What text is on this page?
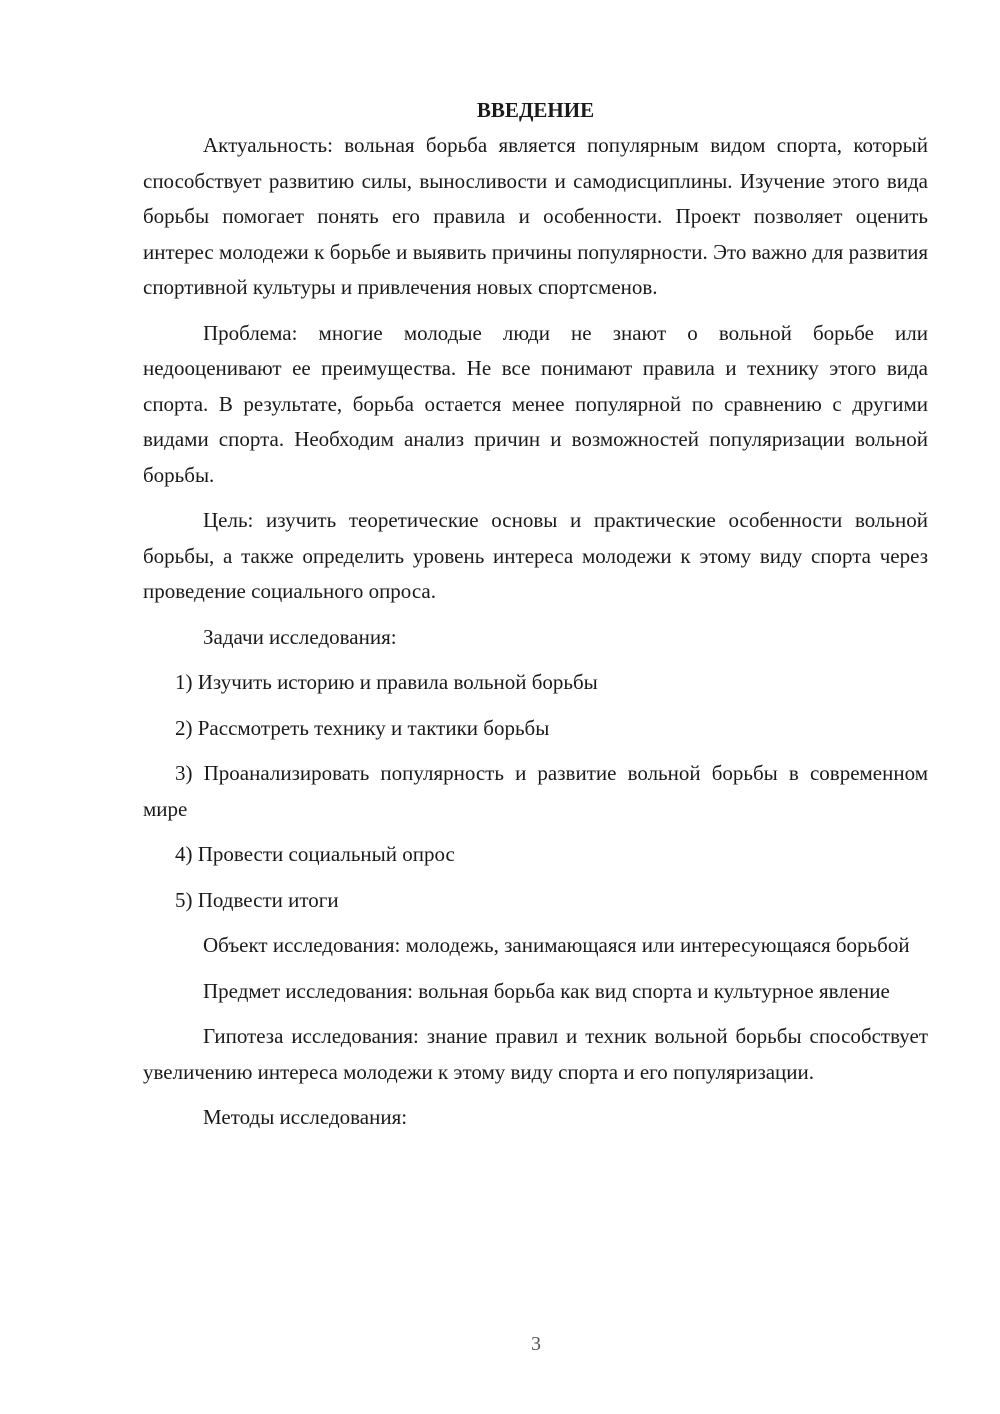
ВВЕДЕНИЕ

Актуальность: вольная борьба является популярным видом спорта, который способствует развитию силы, выносливости и самодисциплины. Изучение этого вида борьбы помогает понять его правила и особенности. Проект позволяет оценить интерес молодежи к борьбе и выявить причины популярности. Это важно для развития спортивной культуры и привлечения новых спортсменов.

Проблема: многие молодые люди не знают о вольной борьбе или недооценивают ее преимущества. Не все понимают правила и технику этого вида спорта. В результате, борьба остается менее популярной по сравнению с другими видами спорта. Необходим анализ причин и возможностей популяризации вольной борьбы.

Цель: изучить теоретические основы и практические особенности вольной борьбы, а также определить уровень интереса молодежи к этому виду спорта через проведение социального опроса.

Задачи исследования:

1) Изучить историю и правила вольной борьбы

2) Рассмотреть технику и тактики борьбы

3) Проанализировать популярность и развитие вольной борьбы в современном мире

4) Провести социальный опрос

5) Подвести итоги

Объект исследования: молодежь, занимающаяся или интересующаяся борьбой

Предмет исследования: вольная борьба как вид спорта и культурное явление

Гипотеза исследования: знание правил и техник вольной борьбы способствует увеличению интереса молодежи к этому виду спорта и его популяризации.

Методы исследования:

3
